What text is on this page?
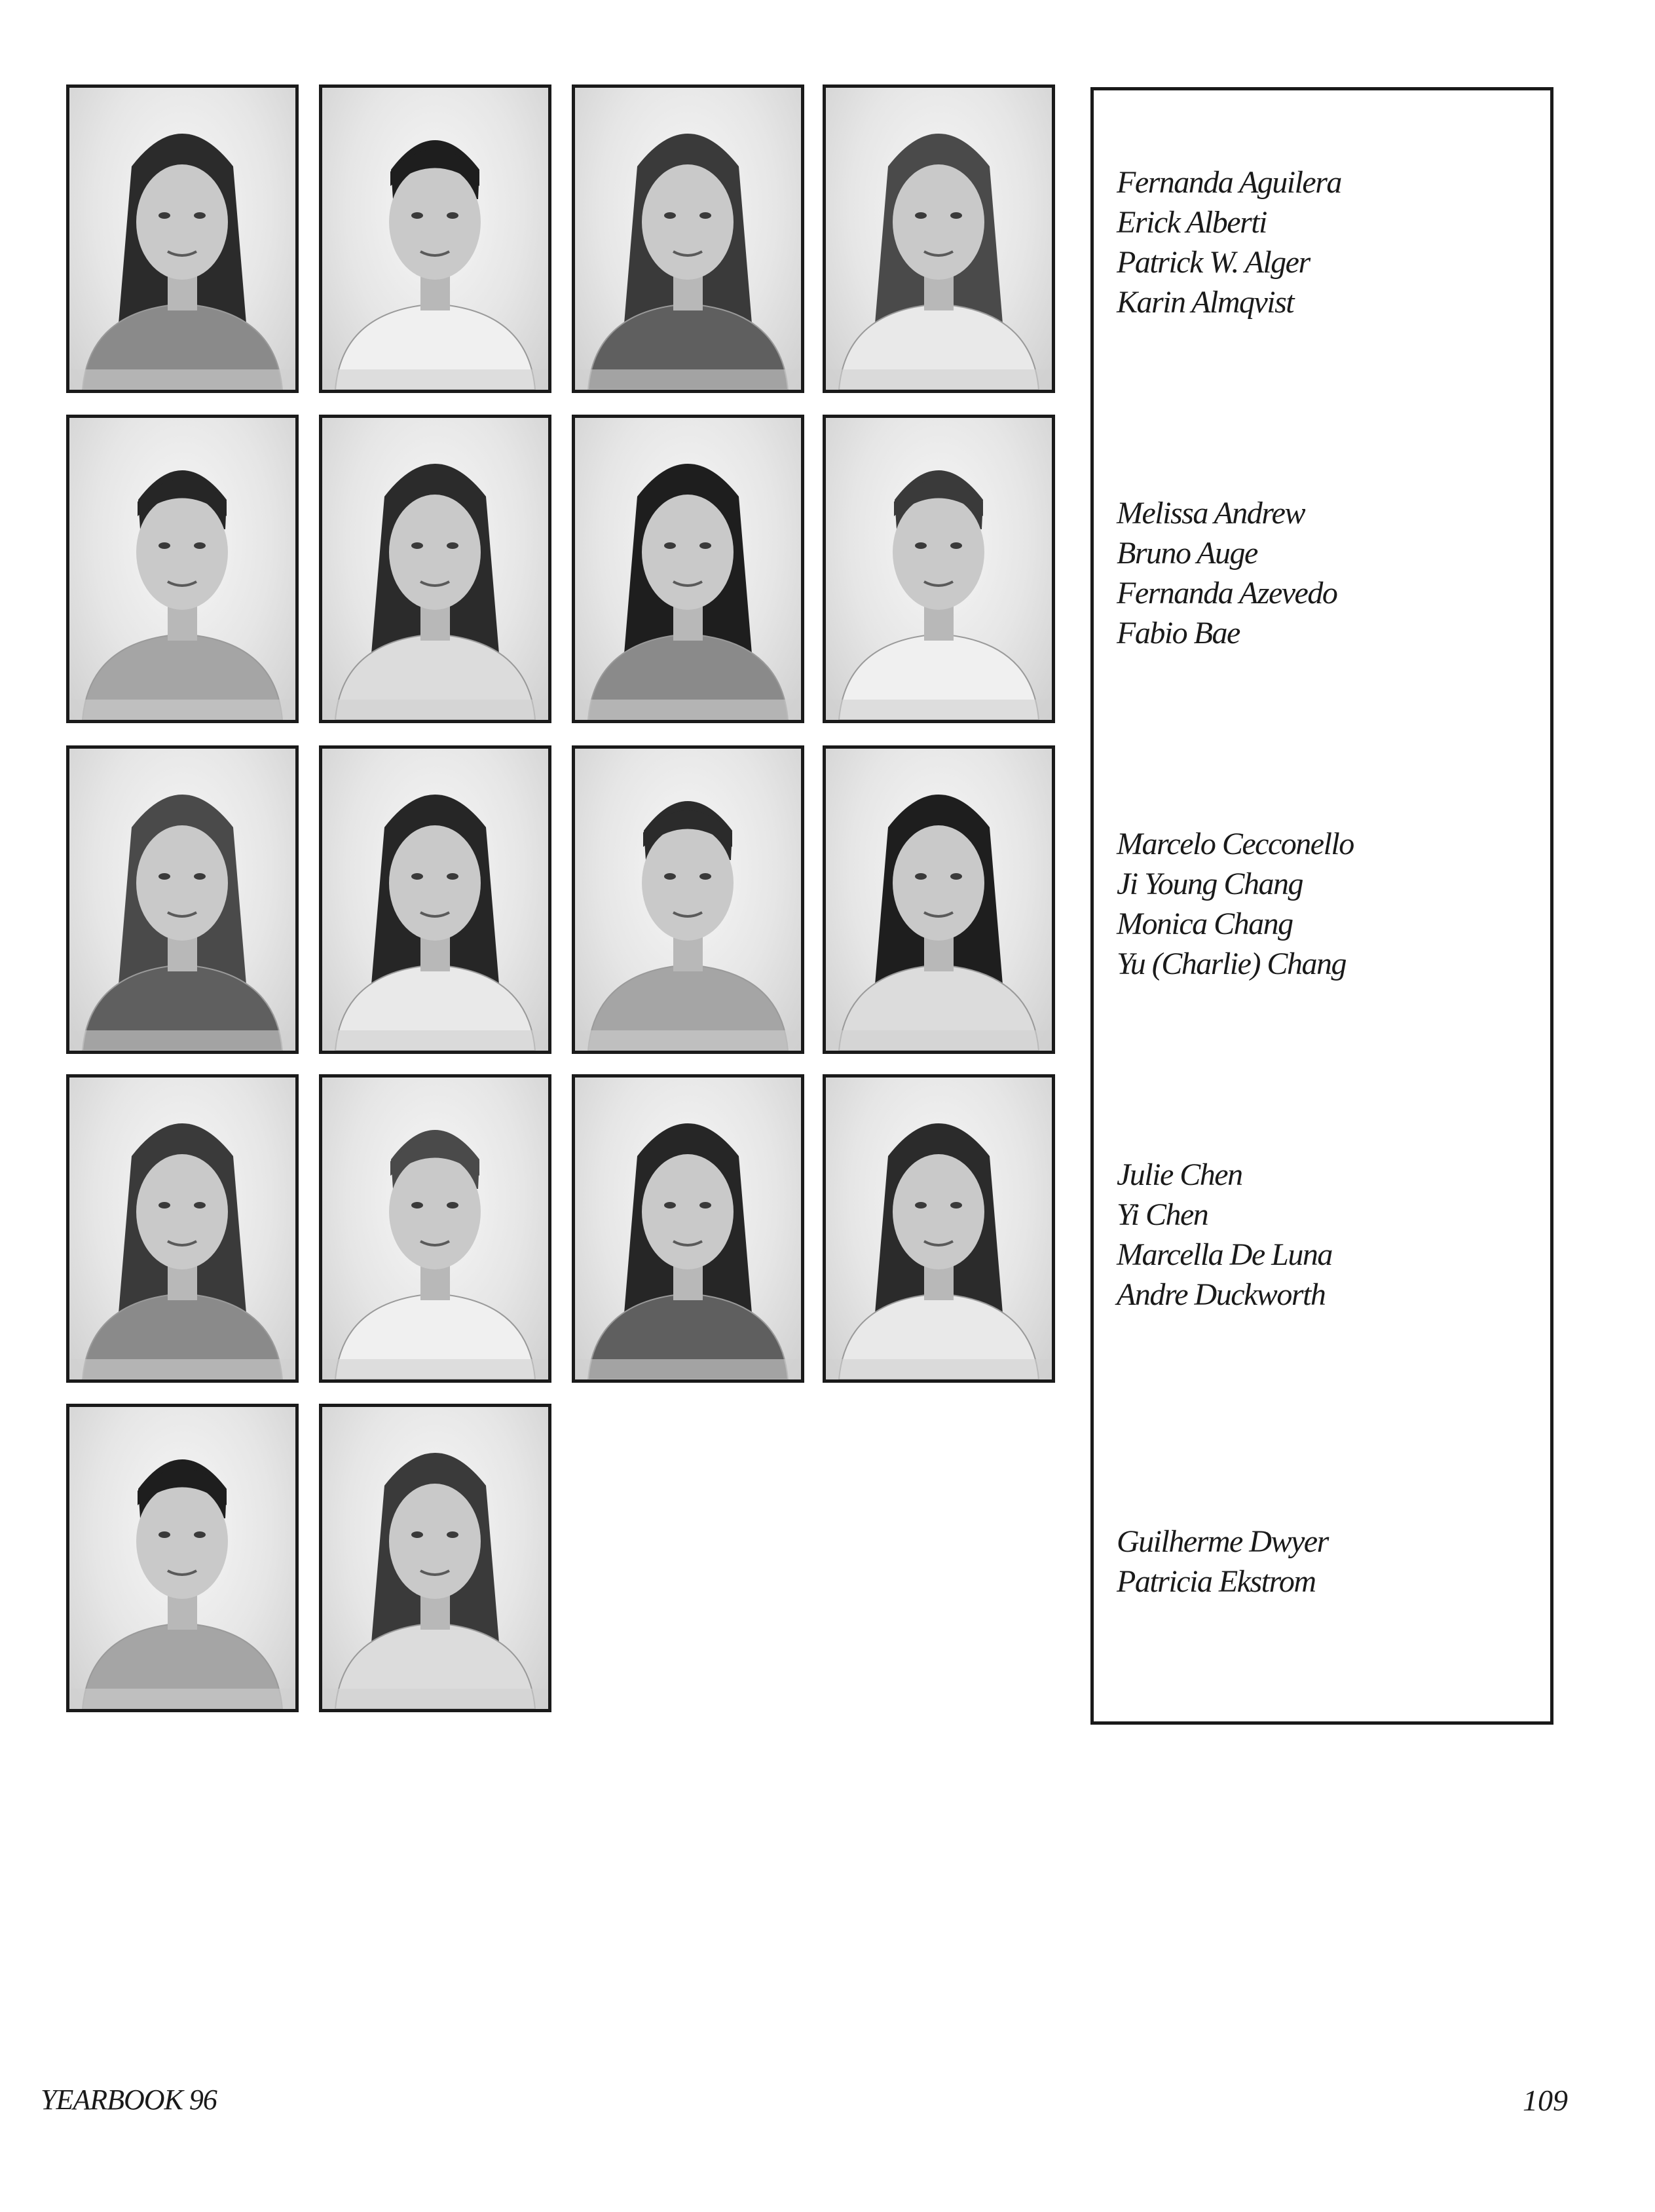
Fernanda Aguilera
Erick Alberti
Patrick W. Alger
Karin Almqvist
Melissa Andrew
Bruno Auge
Fernanda Azevedo
Fabio Bae
Marcelo Cecconello
Ji Young Chang
Monica Chang
Yu (Charlie) Chang
Julie Chen
Yi Chen
Marcella De Luna
Andre Duckworth
Guilherme Dwyer
Patricia Ekstrom
YEARBOOK 96	109
